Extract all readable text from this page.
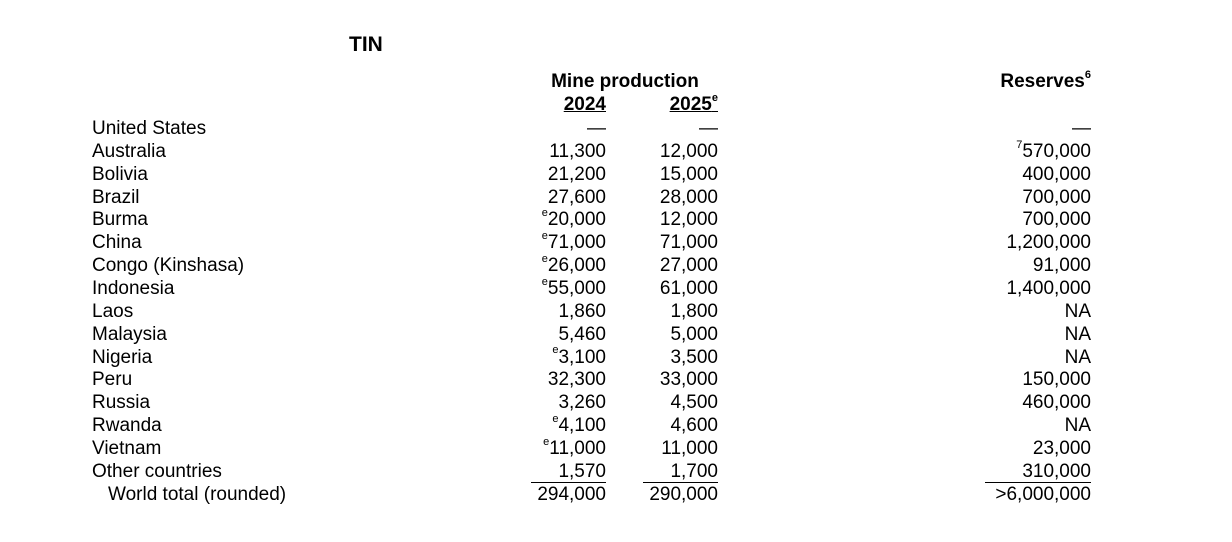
TIN
Mine production
2024	2025e
Reserves$^6$
United States	—	—	—
Australia	11,300	12,000	$^7$570,000
Bolivia	21,200	15,000	400,000
Brazil	27,600	28,000	700,000
Burma	$^e$20,000	12,000	700,000
China	$^e$71,000	71,000	1,200,000
Congo (Kinshasa)	$^e$26,000	27,000	91,000
Indonesia	$^e$55,000	61,000	1,400,000
Laos	1,860	1,800	NA
Malaysia	5,460	5,000	NA
Nigeria	$^e$3,100	3,500	NA
Peru	32,300	33,000	150,000
Russia	3,260	4,500	460,000
Rwanda	$^e$4,100	4,600	NA
Vietnam	$^e$11,000	11,000	23,000
Other countries	1,570	1,700	310,000
World total (rounded)	294,000	290,000	>6,000,000
